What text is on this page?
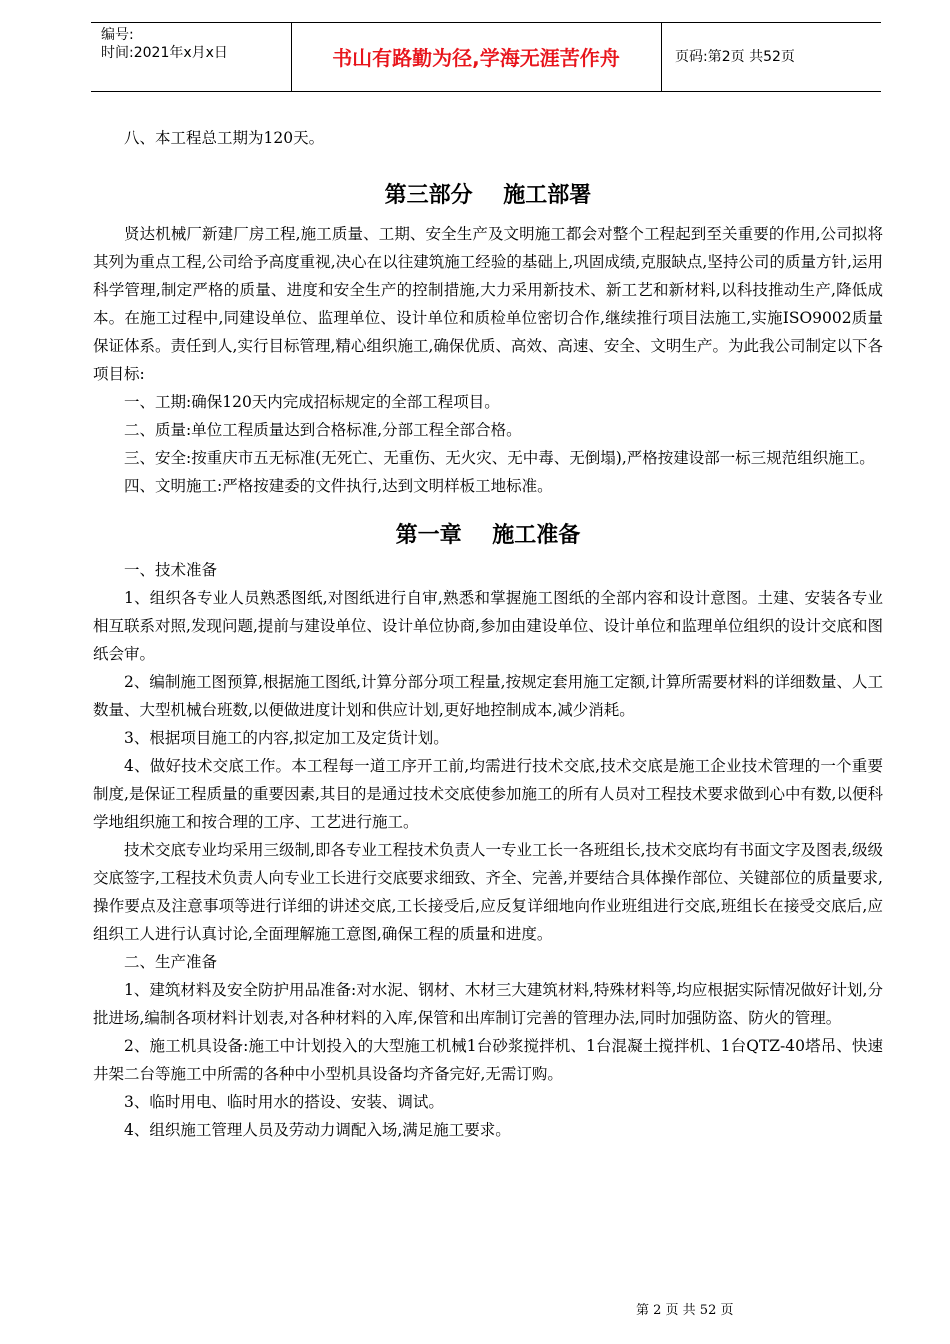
编号:
时间:2021年x月x日	书山有路勤为径,学海无涯苦作舟	页码:第2页 共52页

八、本工程总工期为120天。

第三部分    施工部署

贤达机械厂新建厂房工程,施工质量、工期、安全生产及文明施工都会对整个工程起到至关重要的作用,公司拟将其列为重点工程,公司给予高度重视,决心在以往建筑施工经验的基础上,巩固成绩,克服缺点,坚持公司的质量方针,运用科学管理,制定严格的质量、进度和安全生产的控制措施,大力采用新技术、新工艺和新材料,以科技推动生产,降低成本。在施工过程中,同建设单位、监理单位、设计单位和质检单位密切合作,继续推行项目法施工,实施ISO9002质量保证体系。责任到人,实行目标管理,精心组织施工,确保优质、高效、高速、安全、文明生产。为此我公司制定以下各项目标:

一、工期:确保120天内完成招标规定的全部工程项目。

二、质量:单位工程质量达到合格标准,分部工程全部合格。

三、安全:按重庆市五无标准(无死亡、无重伤、无火灾、无中毒、无倒塌),严格按建设部一标三规范组织施工。

四、文明施工:严格按建委的文件执行,达到文明样板工地标准。

第一章    施工准备

一、技术准备

1、组织各专业人员熟悉图纸,对图纸进行自审,熟悉和掌握施工图纸的全部内容和设计意图。土建、安装各专业相互联系对照,发现问题,提前与建设单位、设计单位协商,参加由建设单位、设计单位和监理单位组织的设计交底和图纸会审。

2、编制施工图预算,根据施工图纸,计算分部分项工程量,按规定套用施工定额,计算所需要材料的详细数量、人工数量、大型机械台班数,以便做进度计划和供应计划,更好地控制成本,减少消耗。

3、根据项目施工的内容,拟定加工及定货计划。

4、做好技术交底工作。本工程每一道工序开工前,均需进行技术交底,技术交底是施工企业技术管理的一个重要制度,是保证工程质量的重要因素,其目的是通过技术交底使参加施工的所有人员对工程技术要求做到心中有数,以便科学地组织施工和按合理的工序、工艺进行施工。

技术交底专业均采用三级制,即各专业工程技术负责人一专业工长一各班组长,技术交底均有书面文字及图表,级级交底签字,工程技术负责人向专业工长进行交底要求细致、齐全、完善,并要结合具体操作部位、关键部位的质量要求,操作要点及注意事项等进行详细的讲述交底,工长接受后,应反复详细地向作业班组进行交底,班组长在接受交底后,应组织工人进行认真讨论,全面理解施工意图,确保工程的质量和进度。

二、生产准备

1、建筑材料及安全防护用品准备:对水泥、钢材、木材三大建筑材料,特殊材料等,均应根据实际情况做好计划,分批进场,编制各项材料计划表,对各种材料的入库,保管和出库制订完善的管理办法,同时加强防盗、防火的管理。

2、施工机具设备:施工中计划投入的大型施工机械1台砂浆搅拌机、1台混凝土搅拌机、1台QTZ-40塔吊、快速井架二台等施工中所需的各种中小型机具设备均齐备完好,无需订购。

3、临时用电、临时用水的搭设、安装、调试。

4、组织施工管理人员及劳动力调配入场,满足施工要求。

第 2 页 共 52 页
